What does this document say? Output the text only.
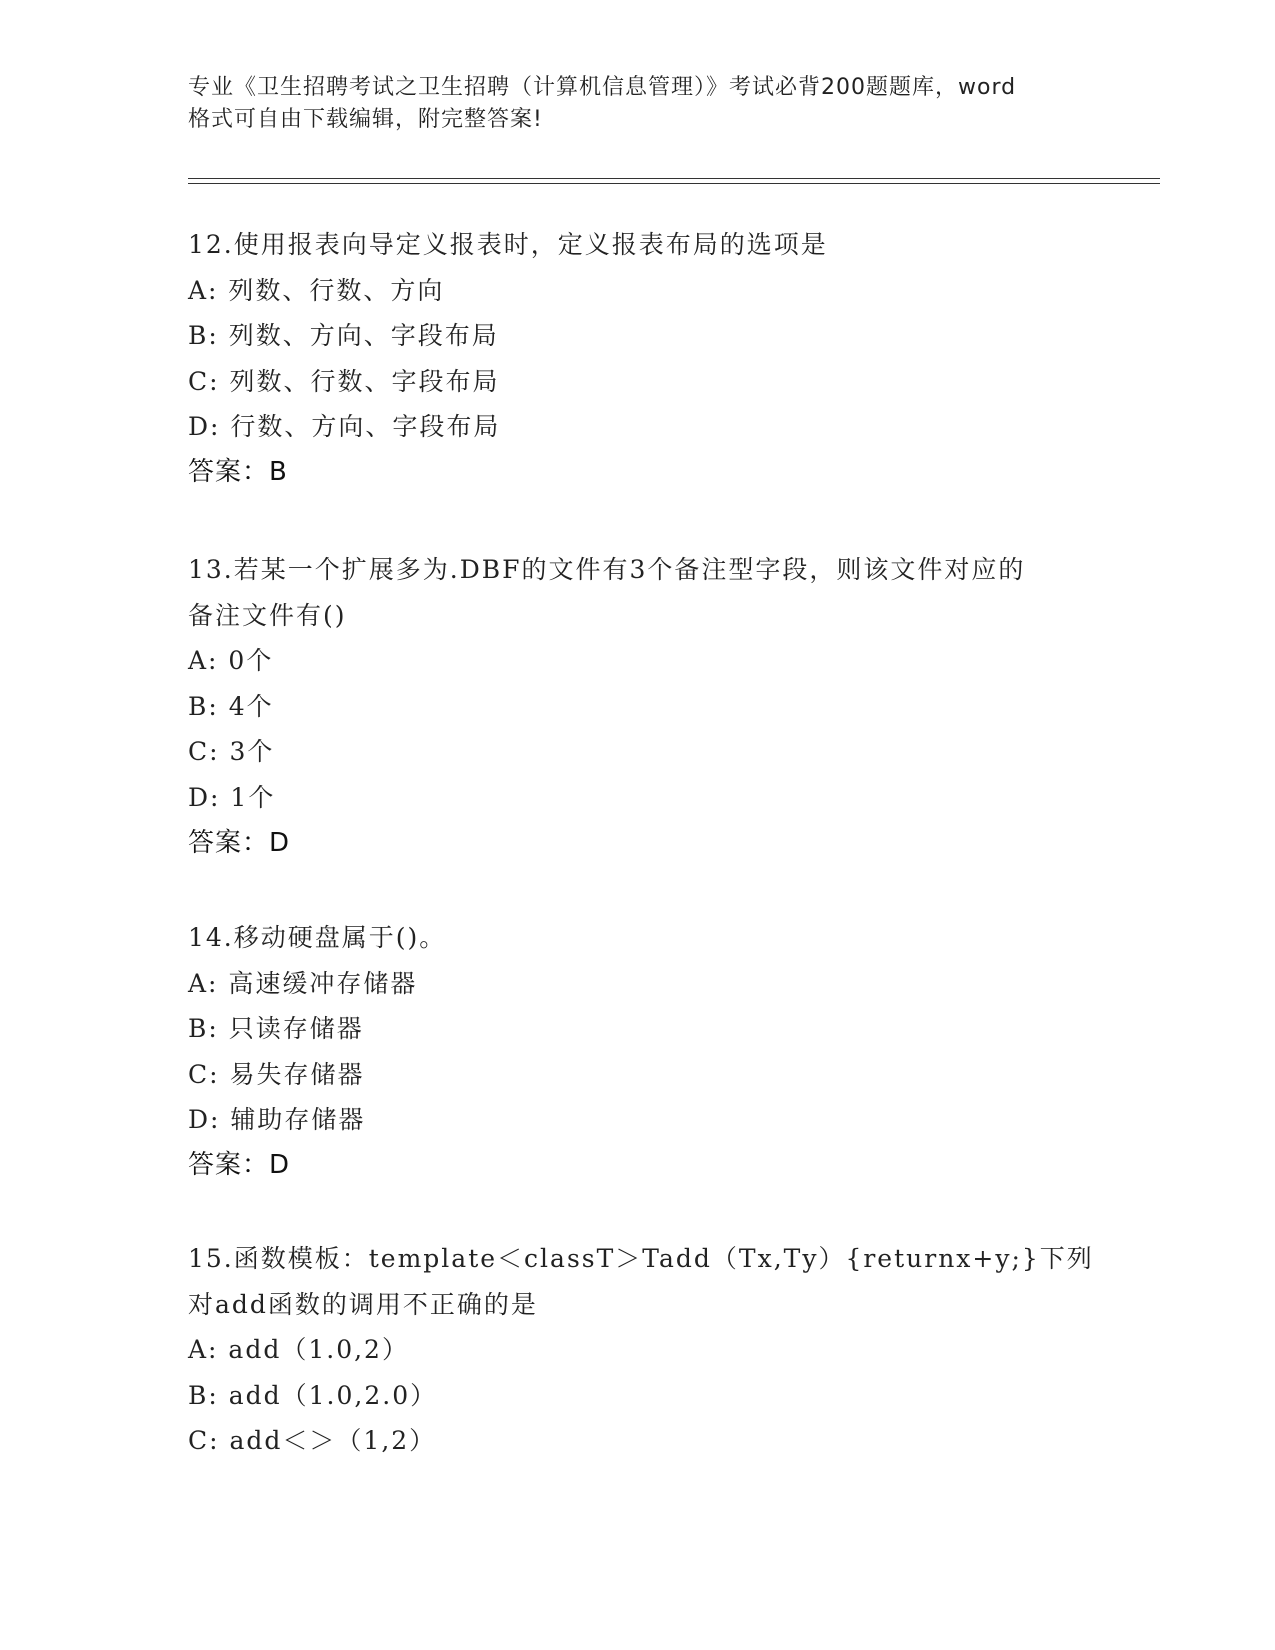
专业《卫生招聘考试之卫生招聘（计算机信息管理）》考试必背200题题库，word
格式可自由下载编辑，附完整答案!
12.使用报表向导定义报表时，定义报表布局的选项是
A: 列数、行数、方向
B: 列数、方向、字段布局
C: 列数、行数、字段布局
D: 行数、方向、字段布局
答案：B
13.若某一个扩展多为.DBF的文件有3个备注型字段，则该文件对应的
备注文件有()
A: 0个
B: 4个
C: 3个
D: 1个
答案：D
14.移动硬盘属于()。
A: 高速缓冲存储器
B: 只读存储器
C: 易失存储器
D: 辅助存储器
答案：D
15.函数模板：template＜classT＞Tadd（Tx,Ty）{returnx+y;}下列
对add函数的调用不正确的是
A: add（1.0,2）
B: add（1.0,2.0）
C: add＜＞（1,2）
